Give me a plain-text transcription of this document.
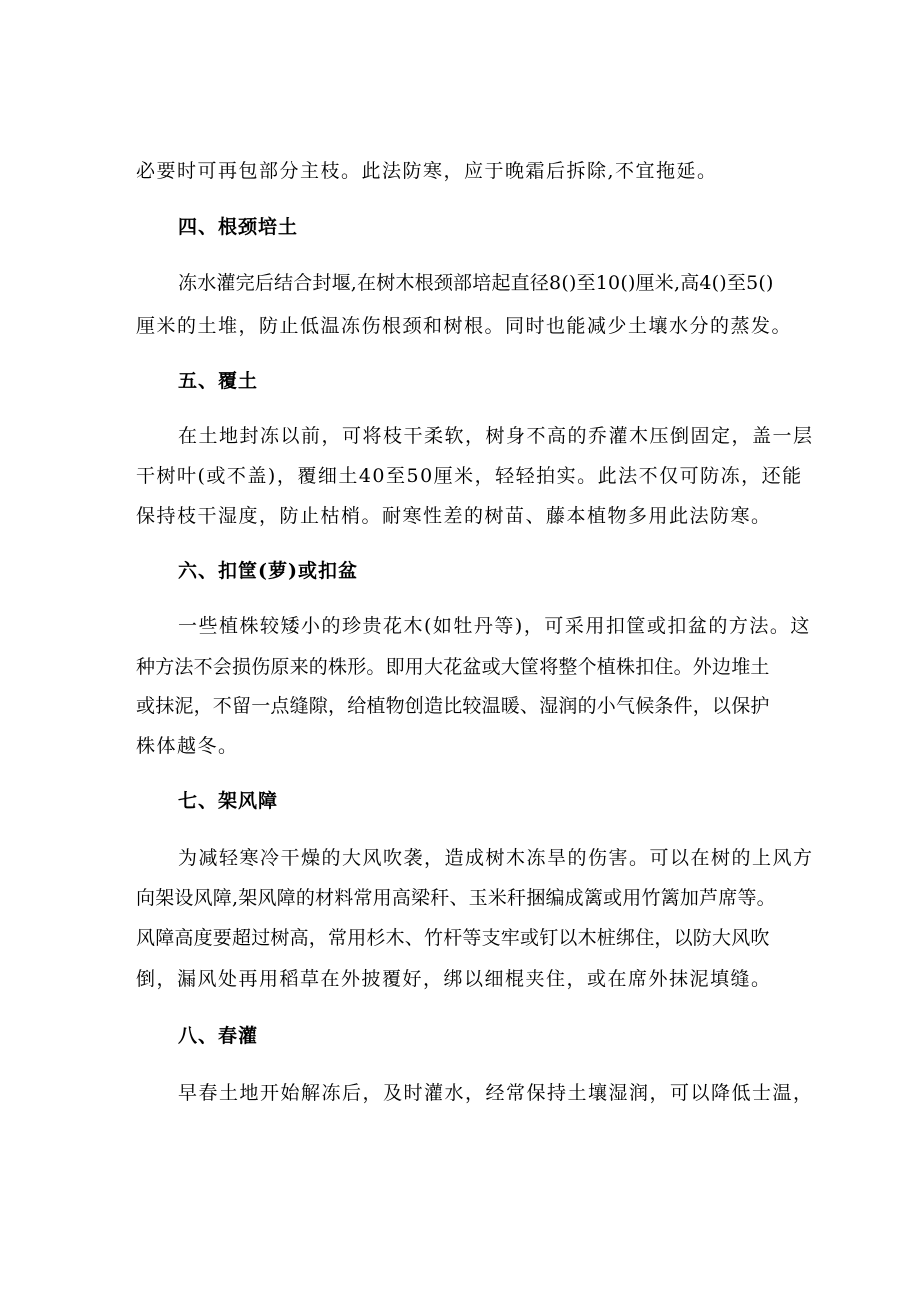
必要时可再包部分主枝。此法防寒，应于晚霜后拆除,不宜拖延。
四、根颈培土
冻水灌完后结合封堰,在树木根颈部培起直径8()至10()厘米,高4()至5()
厘米的土堆，防止低温冻伤根颈和树根。同时也能减少土壤水分的蒸发。
五、覆土
在土地封冻以前，可将枝干柔软，树身不高的乔灌木压倒固定，盖一层
干树叶(或不盖)，覆细土40至50厘米，轻轻拍实。此法不仅可防冻，还能
保持枝干湿度，防止枯梢。耐寒性差的树苗、藤本植物多用此法防寒。
六、扣筐(萝)或扣盆
一些植株较矮小的珍贵花木(如牡丹等)，可采用扣筐或扣盆的方法。这
种方法不会损伤原来的株形。即用大花盆或大筐将整个植株扣住。外边堆土
或抹泥，不留一点缝隙，给植物创造比较温暖、湿润的小气候条件，以保护
株体越冬。
七、架风障
为减轻寒冷干燥的大风吹袭，造成树木冻旱的伤害。可以在树的上风方
向架设风障,架风障的材料常用高梁秆、玉米秆捆编成篱或用竹篱加芦席等。
风障高度要超过树高，常用杉木、竹杆等支牢或钉以木桩绑住，以防大风吹
倒，漏风处再用稻草在外披覆好，绑以细棍夹住，或在席外抹泥填缝。
八、春灌
早春土地开始解冻后，及时灌水，经常保持土壤湿润，可以降低士温，
